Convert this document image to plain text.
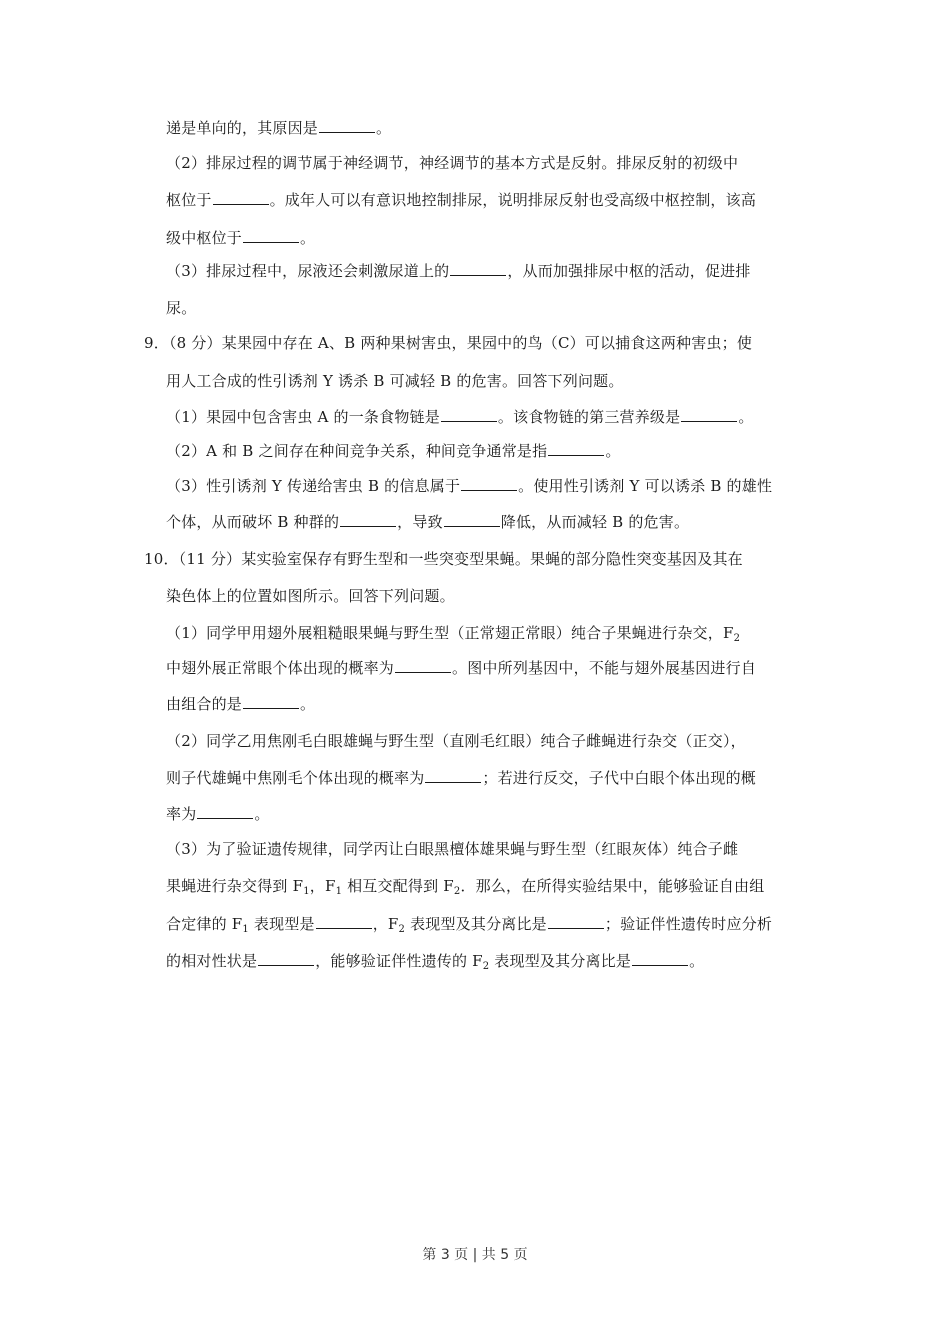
递是单向的，其原因是	。
（2）排尿过程的调节属于神经调节，神经调节的基本方式是反射。排尿反射的初级中
枢位于	。成年人可以有意识地控制排尿，说明排尿反射也受高级中枢控制，该高
级中枢位于	。
（3）排尿过程中，尿液还会刺激尿道上的	，从而加强排尿中枢的活动，促进排
尿。
9．（8 分）某果园中存在 A、B 两种果树害虫，果园中的鸟（C）可以捕食这两种害虫；使
用人工合成的性引诱剂 Y 诱杀 B 可减轻 B 的危害。回答下列问题。
（1）果园中包含害虫 A 的一条食物链是	。该食物链的第三营养级是	。
（2）A 和 B 之间存在种间竞争关系，种间竞争通常是指	。
（3）性引诱剂 Y 传递给害虫 B 的信息属于	。使用性引诱剂 Y 可以诱杀 B 的雄性
个体，从而破坏 B 种群的	，导致	降低，从而减轻 B 的危害。
10．（11 分）某实验室保存有野生型和一些突变型果蝇。果蝇的部分隐性突变基因及其在
染色体上的位置如图所示。回答下列问题。
（1）同学甲用翅外展粗糙眼果蝇与野生型（正常翅正常眼）纯合子果蝇进行杂交，$F_2$
中翅外展正常眼个体出现的概率为	。图中所列基因中，不能与翅外展基因进行自
由组合的是	。
（2）同学乙用焦刚毛白眼雄蝇与野生型（直刚毛红眼）纯合子雌蝇进行杂交（正交），
则子代雄蝇中焦刚毛个体出现的概率为	；若进行反交，子代中白眼个体出现的概
率为	。
（3）为了验证遗传规律，同学丙让白眼黑檀体雄果蝇与野生型（红眼灰体）纯合子雌
果蝇进行杂交得到 $F_1$，$F_1$ 相互交配得到 $F_2$．那么，在所得实验结果中，能够验证自由组
合定律的 $F_1$ 表现型是	，$F_2$ 表现型及其分离比是	；验证伴性遗传时应分析
的相对性状是	，能够验证伴性遗传的 $F_2$ 表现型及其分离比是	。
第 3 页 | 共 5 页
